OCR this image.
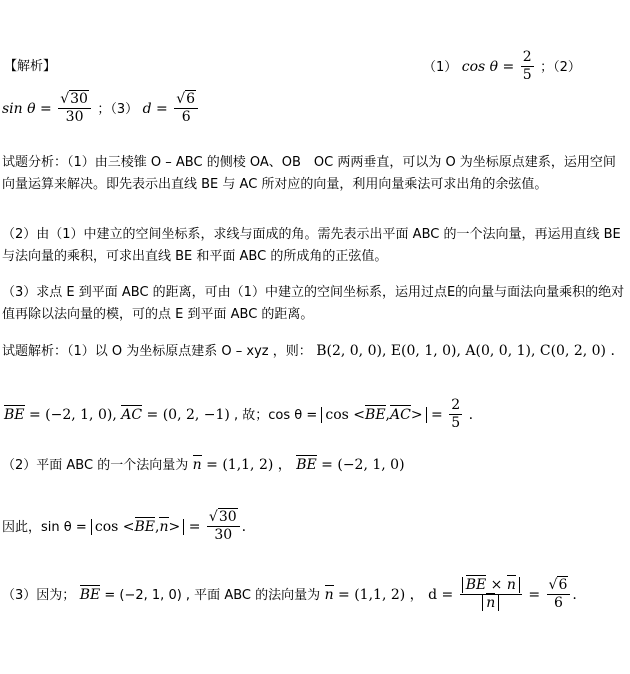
【解析】	（1） $\cos \theta = \frac{2}{5}$ ；（2）
$\sin \theta = \frac{√30}{30}$ ；（3） $d = \frac{√6}{6}$
试题分析：（1）由三棱锥 O – ABC 的侧棱 OA、OB　OC 两两垂直，可以为 O 为坐标原点建系，运用空间向量运算来解决。即先表示出直线 BE 与 AC 所对应的向量，利用向量乘法可求出角的余弦值。
（2）由（1）中建立的空间坐标系，求线与面成的角。需先表示出平面 ABC 的一个法向量，再运用直线 BE 与法向量的乘积，可求出直线 BE 和平面 ABC 的所成角的正弦值。
（3）求点 E 到平面 ABC 的距离，可由（1）中建立的空间坐标系，运用过点E的向量与面法向量乘积的绝对值再除以法向量的模，可的点 E 到平面 ABC 的距离。
试题解析：（1）以 O 为坐标原点建系 O – xyz ，则： B(2, 0, 0), E(0, 1, 0), A(0, 0, 1), C(0, 2, 0) .
BE = (−2, 1, 0), AC = (0, 2, −1) , 故；$\cos \theta = \cos <BE,AC> = \frac{2}{5}$ .
（2）平面 ABC 的一个法向量为 n = (1,1, 2) ， BE = (−2, 1, 0)
因此，$\sin \theta = \cos <BE,n> = \frac{√30}{30}$ .
（3）因为； BE = (−2, 1, 0) , 平面 ABC 的法向量为 n = (1,1, 2) ， $d = \frac{BE \times n}{n} = \frac{√6}{6}$ .
